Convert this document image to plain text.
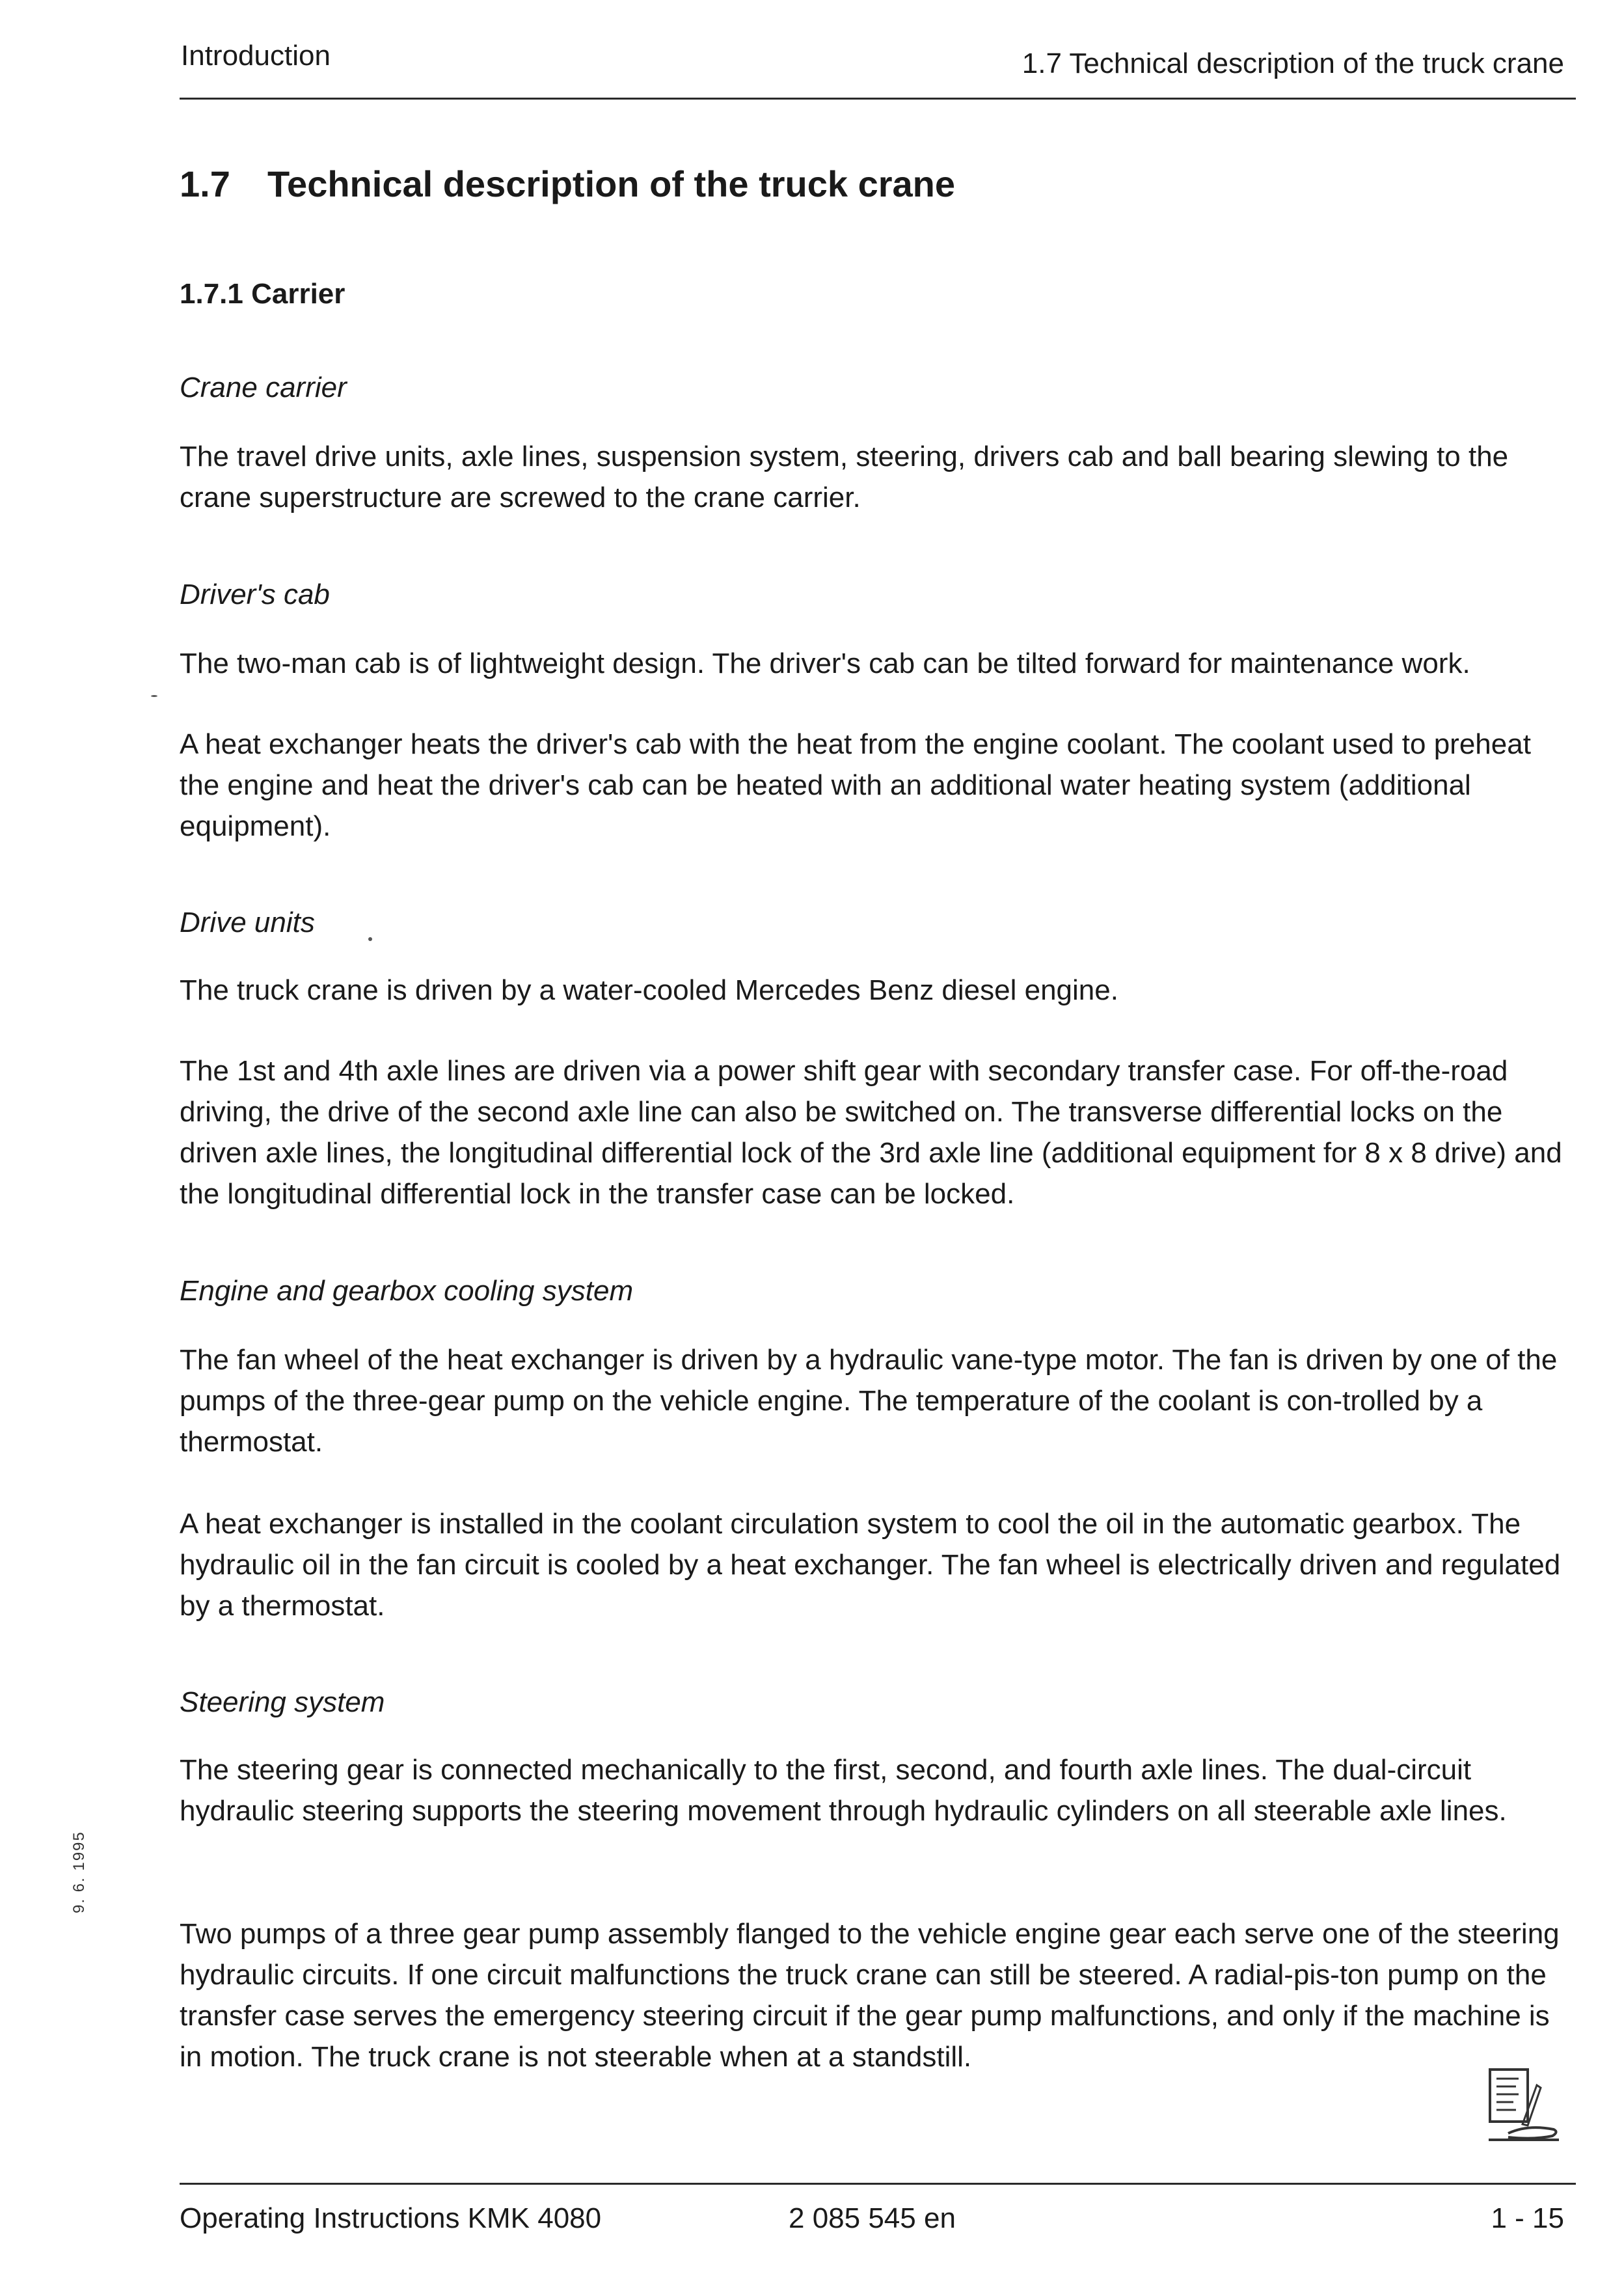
Introduction	1.7 Technical description of the truck crane
1.7 Technical description of the truck crane
1.7.1 Carrier
Crane carrier
The travel drive units, axle lines, suspension system, steering, drivers cab and ball bearing slewing to the crane superstructure are screwed to the crane carrier.
Driver's cab
The two-man cab is of lightweight design. The driver's cab can be tilted forward for maintenance work.
A heat exchanger heats the driver's cab with the heat from the engine coolant. The coolant used to preheat the engine and heat the driver's cab can be heated with an additional water heating system (additional equipment).
Drive units
The truck crane is driven by a water-cooled Mercedes Benz diesel engine.
The 1st and 4th axle lines are driven via a power shift gear with secondary transfer case. For off-the-road driving, the drive of the second axle line can also be switched on. The transverse differential locks on the driven axle lines, the longitudinal differential lock of the 3rd axle line (additional equipment for 8 x 8 drive) and the longitudinal differential lock in the transfer case can be locked.
Engine and gearbox cooling system
The fan wheel of the heat exchanger is driven by a hydraulic vane-type motor. The fan is driven by one of the pumps of the three-gear pump on the vehicle engine. The temperature of the coolant is con-trolled by a thermostat.
A heat exchanger is installed in the coolant circulation system to cool the oil in the automatic gearbox. The hydraulic oil in the fan circuit is cooled by a heat exchanger. The fan wheel is electrically driven and regulated by a thermostat.
Steering system
The steering gear is connected mechanically to the first, second, and fourth axle lines. The dual-circuit hydraulic steering supports the steering movement through hydraulic cylinders on all steerable axle lines.
Two pumps of a three gear pump assembly flanged to the vehicle engine gear each serve one of the steering hydraulic circuits. If one circuit malfunctions the truck crane can still be steered. A radial-pis-ton pump on the transfer case serves the emergency steering circuit if the gear pump malfunctions, and only if the machine is in motion. The truck crane is not steerable when at a standstill.
9. 6. 1995
Operating Instructions KMK 4080	2 085 545 en	1 - 15
